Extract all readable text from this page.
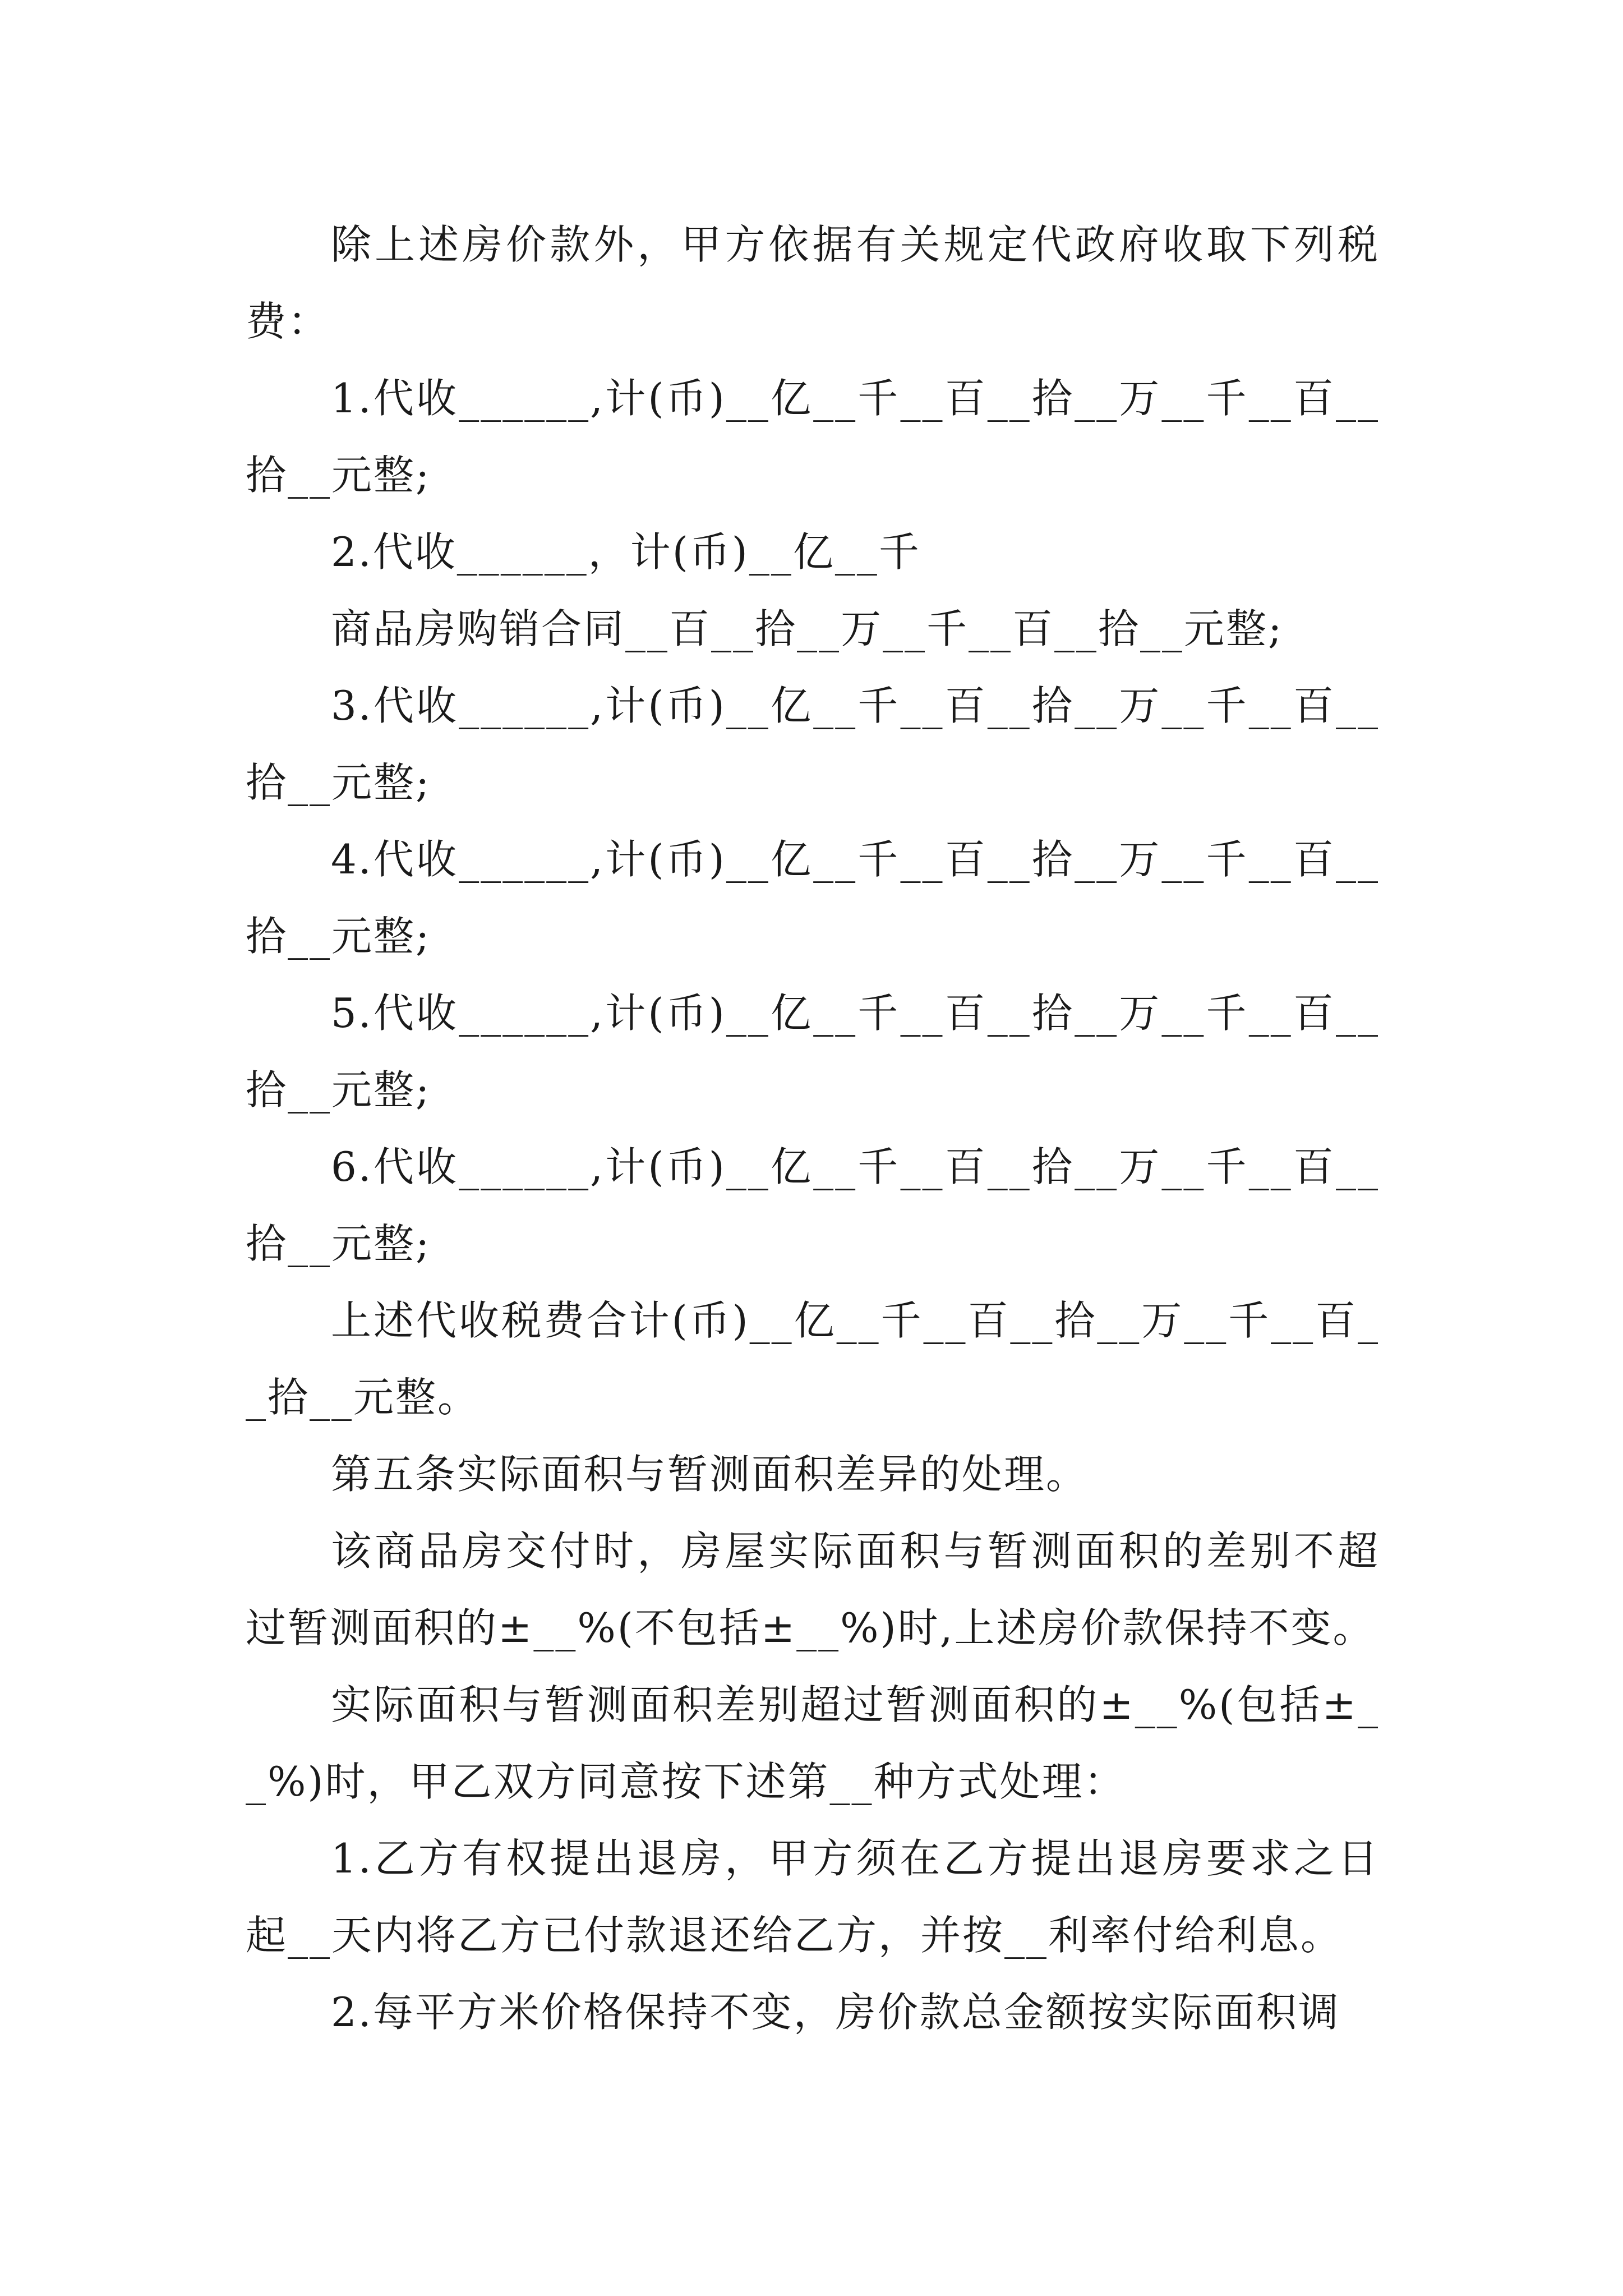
除上述房价款外，甲方依据有关规定代政府收取下列税费：

1.代收______,计(币)__亿__千__百__拾__万__千__百__拾__元整;

2.代收______，计(币)__亿__千

商品房购销合同__百__拾__万__千__百__拾__元整;

3.代收______,计(币)__亿__千__百__拾__万__千__百__拾__元整;

4.代收______,计(币)__亿__千__百__拾__万__千__百__拾__元整;

5.代收______,计(币)__亿__千__百__拾__万__千__百__拾__元整;

6.代收______,计(币)__亿__千__百__拾__万__千__百__拾__元整;

上述代收税费合计(币)__亿__千__百__拾__万__千__百__拾__元整。

第五条实际面积与暂测面积差异的处理。

该商品房交付时，房屋实际面积与暂测面积的差别不超过暂测面积的±__%(不包括±__%)时,上述房价款保持不变。

实际面积与暂测面积差别超过暂测面积的±__%(包括±__%)时，甲乙双方同意按下述第__种方式处理：

1.乙方有权提出退房，甲方须在乙方提出退房要求之日起__天内将乙方已付款退还给乙方，并按__利率付给利息。

2.每平方米价格保持不变，房价款总金额按实际面积调
